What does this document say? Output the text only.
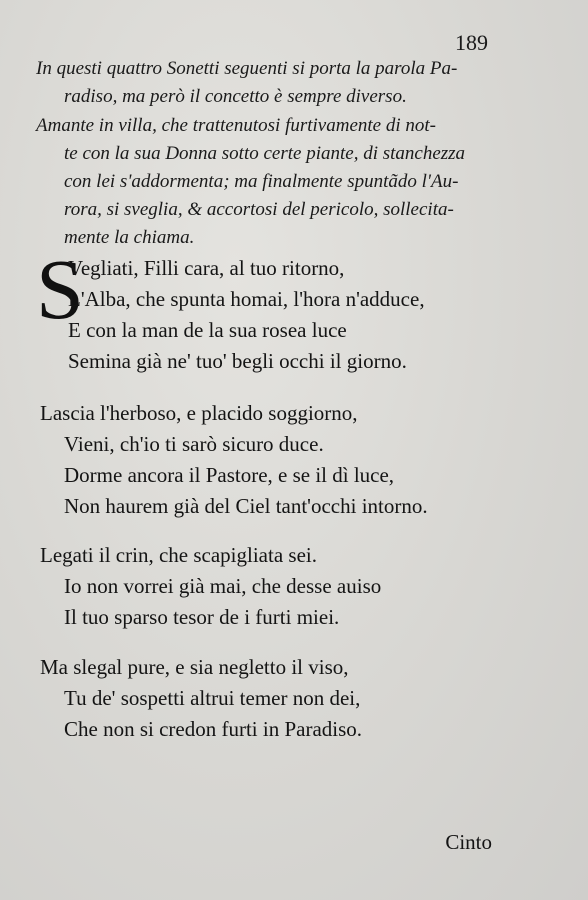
189
In questi quattro Sonetti seguenti si porta la parola Pa-
radiso, ma però il concetto è sempre diverso.
Amante in villa, che trattenutosi furtivamente di not-
te con la sua Donna sotto certe piante, di stanchezza
con lei s'addormenta; ma finalmente spuntãdo l'Au-
rora, si sveglia, & accortosi del pericolo, sollecita-
mente la chiama.
S
Vegliati, Filli cara, al tuo ritorno,
L'Alba, che spunta homai, l'hora n'adduce,
E con la man de la sua rosea luce
Semina già ne' tuo' begli occhi il giorno.
Lascia l'herboso, e placido soggiorno,
Vieni, ch'io ti sarò sicuro duce.
Dorme ancora il Pastore, e se il dì luce,
Non haurem già del Ciel tant'occhi intorno.
Legati il crin, che scapigliata sei.
Io non vorrei già mai, che desse auiso
Il tuo sparso tesor de i furti miei.
Ma slegal pure, e sia negletto il viso,
Tu de' sospetti altrui temer non dei,
Che non si credon furti in Paradiso.
Cinto
